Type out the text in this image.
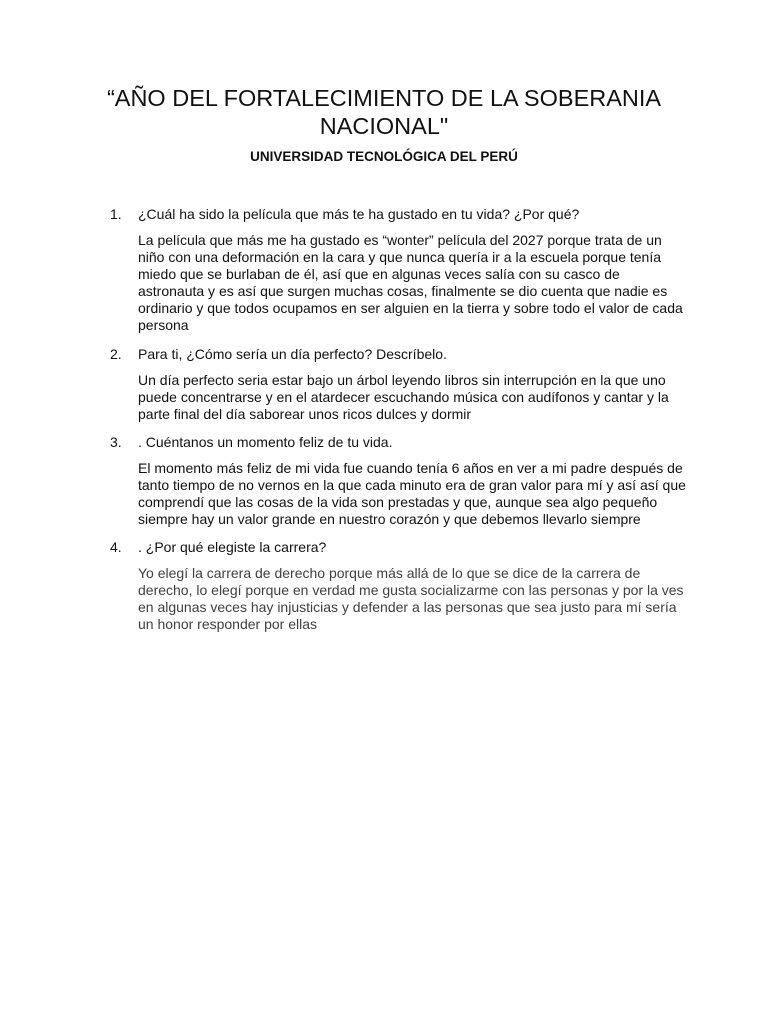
“AÑO DEL FORTALECIMIENTO DE LA SOBERANIA NACIONAL"
UNIVERSIDAD TECNOLÓGICA DEL PERÚ
1.	¿Cuál ha sido la película que más te ha gustado en tu vida? ¿Por qué?

La película que más me ha gustado es “wonter” película del 2027 porque trata de un niño con una deformación en la cara y que nunca quería ir a la escuela porque tenía miedo que se burlaban de él, así que en algunas veces salía con su casco de astronauta y es así que surgen muchas cosas, finalmente se dio cuenta que nadie es ordinario y que todos ocupamos en ser alguien en la tierra y sobre todo el valor de cada persona

2.	Para ti, ¿Cómo sería un día perfecto? Descríbelo.

Un día perfecto seria estar bajo un árbol leyendo libros sin interrupción en la que uno puede concentrarse y en el atardecer escuchando música con audífonos y cantar y la parte final del día saborear unos ricos dulces y dormir

3.	. Cuéntanos un momento feliz de tu vida.

El momento más feliz de mi vida fue cuando tenía 6 años en ver a mi padre después de tanto tiempo de no vernos en la que cada minuto era de gran valor para mí y así así que comprendí que las cosas de la vida son prestadas y que, aunque sea algo pequeño siempre hay un valor grande en nuestro corazón y que debemos llevarlo siempre

4.	. ¿Por qué elegiste la carrera?

Yo elegí la carrera de derecho porque más allá de lo que se dice de la carrera de derecho, lo elegí porque en verdad me gusta socializarme con las personas y por la ves en algunas veces hay injusticias y defender a las personas que sea justo para mí sería un honor responder por ellas
